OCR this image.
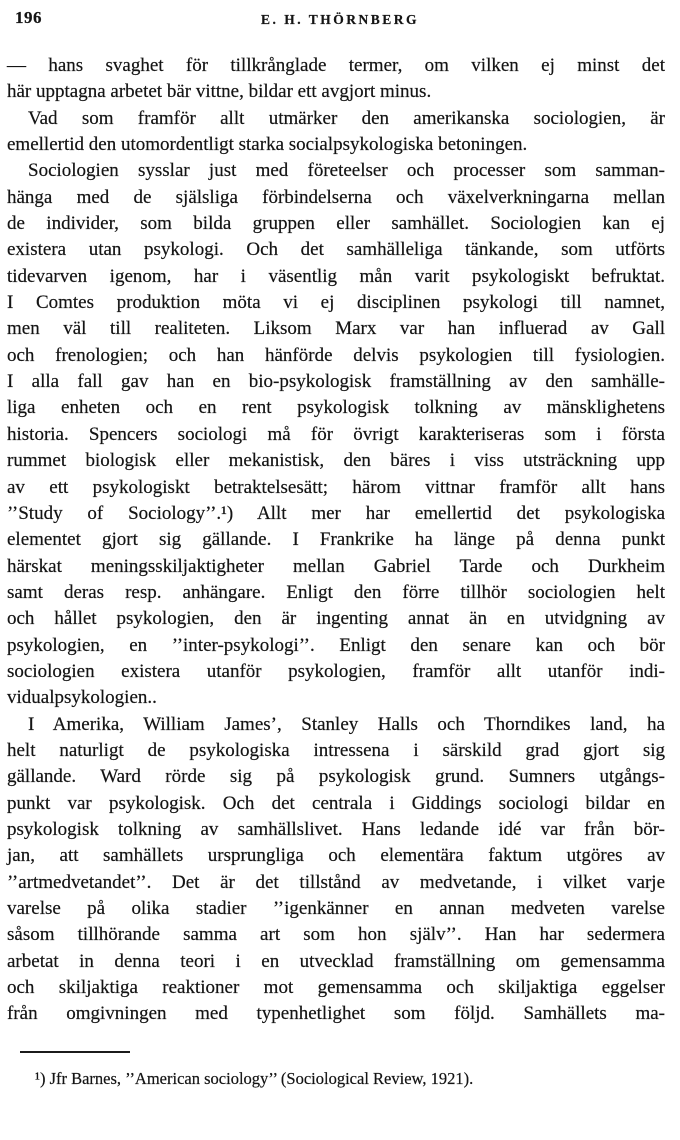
196	E. H. THÖRNBERG
— hans svaghet för tillkrånglade termer, om vilken ej minst det
här upptagna arbetet bär vittne, bildar ett avgjort minus.
Vad som framför allt utmärker den amerikanska sociologien, är
emellertid den utomordentligt starka socialpsykologiska betoningen.
Sociologien sysslar just med företeelser och processer som samman-
hänga med de själsliga förbindelserna och växelverkningarna mellan
de individer, som bilda gruppen eller samhället. Sociologien kan ej
existera utan psykologi. Och det samhälleliga tänkande, som utförts
tidevarven igenom, har i väsentlig mån varit psykologiskt befruktat.
I Comtes produktion möta vi ej disciplinen psykologi till namnet,
men väl till realiteten. Liksom Marx var han influerad av Gall
och frenologien; och han hänförde delvis psykologien till fysiologien.
I alla fall gav han en bio-psykologisk framställning av den samhälle-
liga enheten och en rent psykologisk tolkning av mänsklighetens
historia. Spencers sociologi må för övrigt karakteriseras som i första
rummet biologisk eller mekanistisk, den bäres i viss utsträckning upp
av ett psykologiskt betraktelsesätt; härom vittnar framför allt hans
’’Study of Sociology’’.¹) Allt mer har emellertid det psykologiska
elementet gjort sig gällande. I Frankrike ha länge på denna punkt
härskat meningsskiljaktigheter mellan Gabriel Tarde och Durkheim
samt deras resp. anhängare. Enligt den förre tillhör sociologien helt
och hållet psykologien, den är ingenting annat än en utvidgning av
psykologien, en ’’inter-psykologi’’. Enligt den senare kan och bör
sociologien existera utanför psykologien, framför allt utanför indi-
vidualpsykologien..
I Amerika, William James’, Stanley Halls och Thorndikes land, ha
helt naturligt de psykologiska intressena i särskild grad gjort sig
gällande. Ward rörde sig på psykologisk grund. Sumners utgångs-
punkt var psykologisk. Och det centrala i Giddings sociologi bildar en
psykologisk tolkning av samhällslivet. Hans ledande idé var från bör-
jan, att samhällets ursprungliga och elementära faktum utgöres av
’’artmedvetandet’’. Det är det tillstånd av medvetande, i vilket varje
varelse på olika stadier ’’igenkänner en annan medveten varelse
såsom tillhörande samma art som hon själv’’. Han har sedermera
arbetat in denna teori i en utvecklad framställning om gemensamma
och skiljaktiga reaktioner mot gemensamma och skiljaktiga eggelser
från omgivningen med typenhetlighet som följd. Samhällets ma-
¹) Jfr Barnes, ’’American sociology’’ (Sociological Review, 1921).
